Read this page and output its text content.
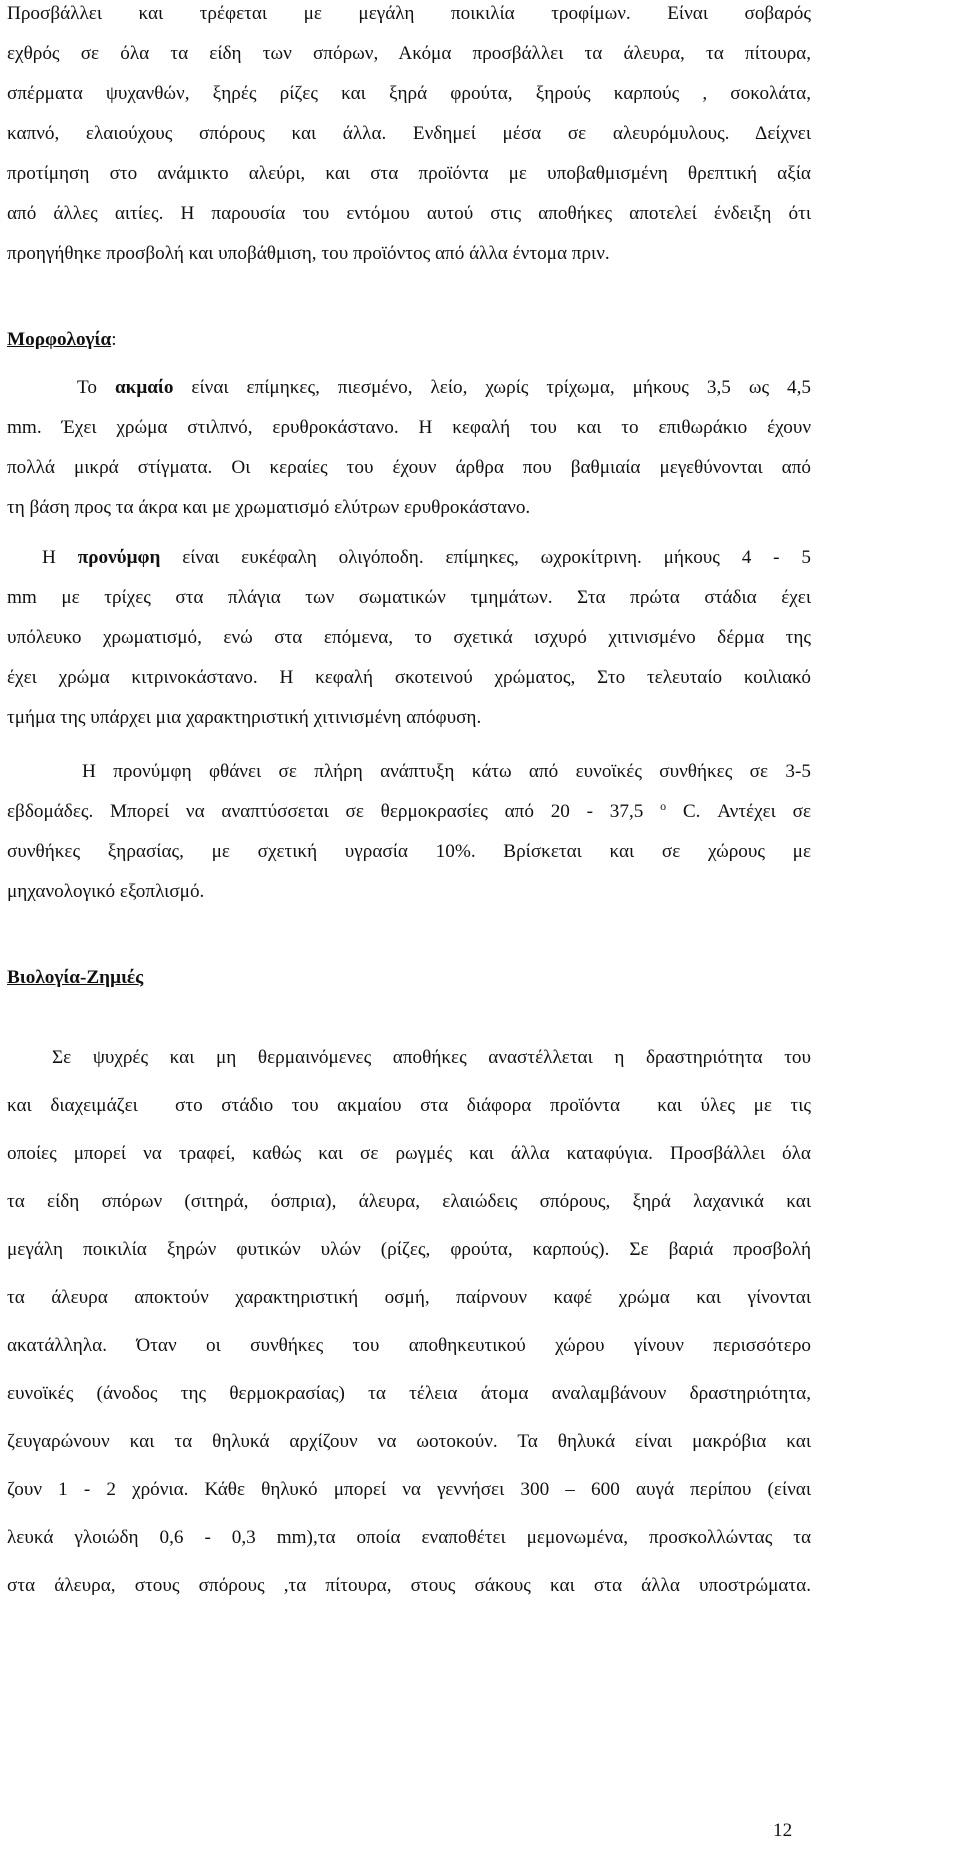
Προσβάλλει και τρέφεται με μεγάλη ποικιλία τροφίμων. Είναι σοβαρός
εχθρός σε όλα τα είδη των σπόρων, Ακόμα προσβάλλει τα άλευρα, τα πίτουρα,
σπέρματα ψυχανθών, ξηρές ρίζες και ξηρά φρούτα, ξηρούς καρπούς , σοκολάτα,
καπνό, ελαιούχους σπόρους και άλλα. Ενδημεί μέσα σε αλευρόμυλους. Δείχνει
προτίμηση στο ανάμικτο αλεύρι, και στα προϊόντα με υποβαθμισμένη θρεπτική αξία
από άλλες αιτίες. Η παρουσία του εντόμου αυτού στις αποθήκες αποτελεί ένδειξη ότι
προηγήθηκε προσβολή και υποβάθμιση, του προϊόντος από άλλα έντομα πριν.
Μορφολογία:
Το ακμαίο είναι επίμηκες, πιεσμένο, λείο, χωρίς τρίχωμα, μήκους 3,5 ως 4,5
mm. Έχει χρώμα στιλπνό, ερυθροκάστανο. Η κεφαλή του και το επιθωράκιο έχουν
πολλά μικρά στίγματα. Οι κεραίες του έχουν άρθρα που βαθμιαία μεγεθύνονται από
τη βάση προς τα άκρα και με χρωματισμό ελύτρων ερυθροκάστανο.
Η προνύμφη είναι ευκέφαλη ολιγόποδη. επίμηκες, ωχροκίτρινη. μήκους 4 - 5
mm με τρίχες στα πλάγια των σωματικών τμημάτων. Στα πρώτα στάδια έχει
υπόλευκο χρωματισμό, ενώ στα επόμενα, το σχετικά ισχυρό χιτινισμένο δέρμα της
έχει χρώμα κιτρινοκάστανο. Η κεφαλή σκοτεινού χρώματος, Στο τελευταίο κοιλιακό
τμήμα της υπάρχει μια χαρακτηριστική χιτινισμένη απόφυση.
Η προνύμφη φθάνει σε πλήρη ανάπτυξη κάτω από ευνοϊκές συνθήκες σε 3-5
εβδομάδες. Μπορεί να αναπτύσσεται σε θερμοκρασίες από 20 - 37,5 $^o$ C. Αντέχει σε
συνθήκες ξηρασίας, με σχετική υγρασία 10%. Βρίσκεται και σε χώρους με
μηχανολογικό εξοπλισμό.
Βιολογία-Ζημιές
Σε ψυχρές και μη θερμαινόμενες αποθήκες αναστέλλεται η δραστηριότητα του
και διαχειμάζει  στο στάδιο του ακμαίου στα διάφορα προϊόντα  και ύλες με τις
οποίες μπορεί να τραφεί, καθώς και σε ρωγμές και άλλα καταφύγια. Προσβάλλει όλα
τα είδη σπόρων (σιτηρά, όσπρια), άλευρα, ελαιώδεις σπόρους, ξηρά λαχανικά και
μεγάλη ποικιλία ξηρών φυτικών υλών (ρίζες, φρούτα, καρπούς). Σε βαριά προσβολή
τα άλευρα αποκτούν χαρακτηριστική οσμή, παίρνουν καφέ χρώμα και γίνονται
ακατάλληλα. Όταν οι συνθήκες του αποθηκευτικού χώρου γίνουν περισσότερο
ευνοϊκές (άνοδος της θερμοκρασίας) τα τέλεια άτομα αναλαμβάνουν δραστηριότητα,
ζευγαρώνουν και τα θηλυκά αρχίζουν να ωοτοκούν. Τα θηλυκά είναι μακρόβια και
ζουν 1 - 2 χρόνια. Κάθε θηλυκό μπορεί να γεννήσει 300 – 600 αυγά περίπου (είναι
λευκά γλοιώδη 0,6 - 0,3 mm),τα οποία εναποθέτει μεμονωμένα, προσκολλώντας τα
στα άλευρα, στους σπόρους ,τα πίτουρα, στους σάκους και στα άλλα υποστρώματα.
12
